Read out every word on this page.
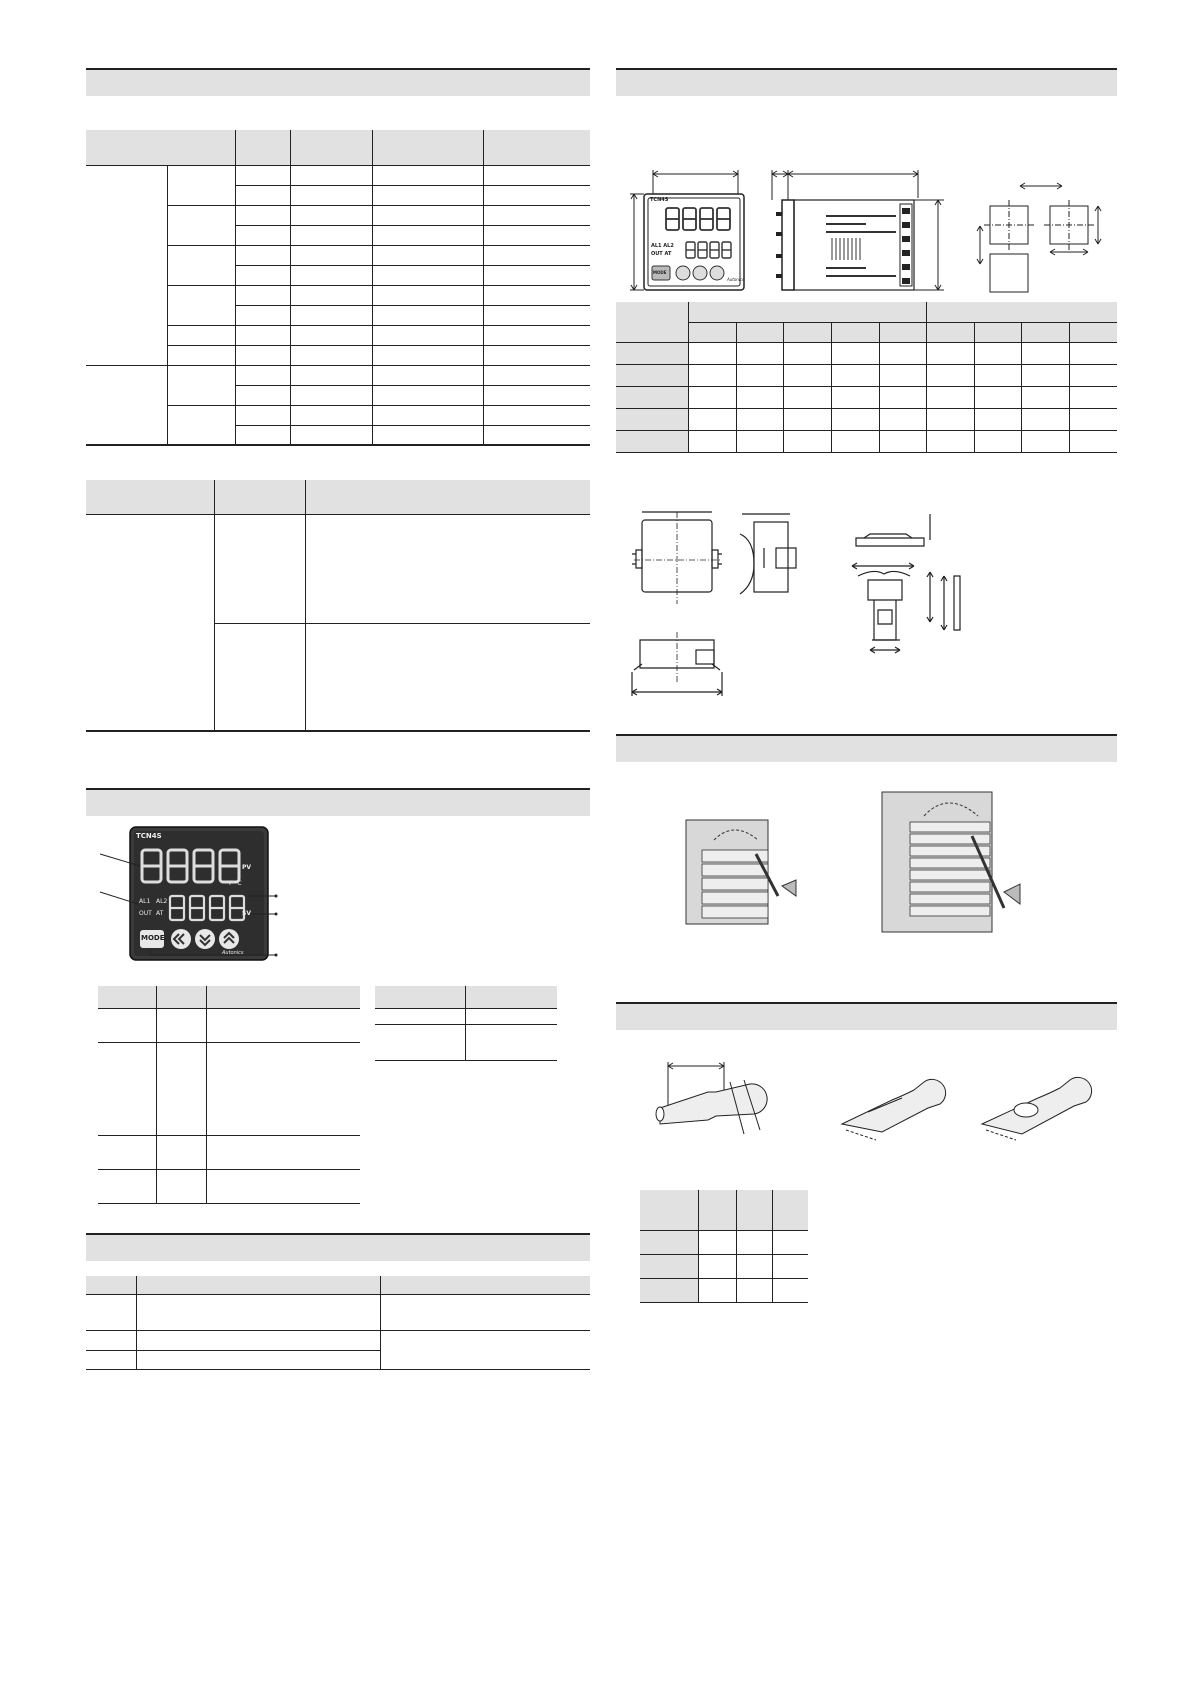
TCN4S
PV
°F °C
SV
AL1 AL2
OUT AT
MODE
Autonics

TCN4S
AL1 AL2
OUT AT
MODE
Autonics
